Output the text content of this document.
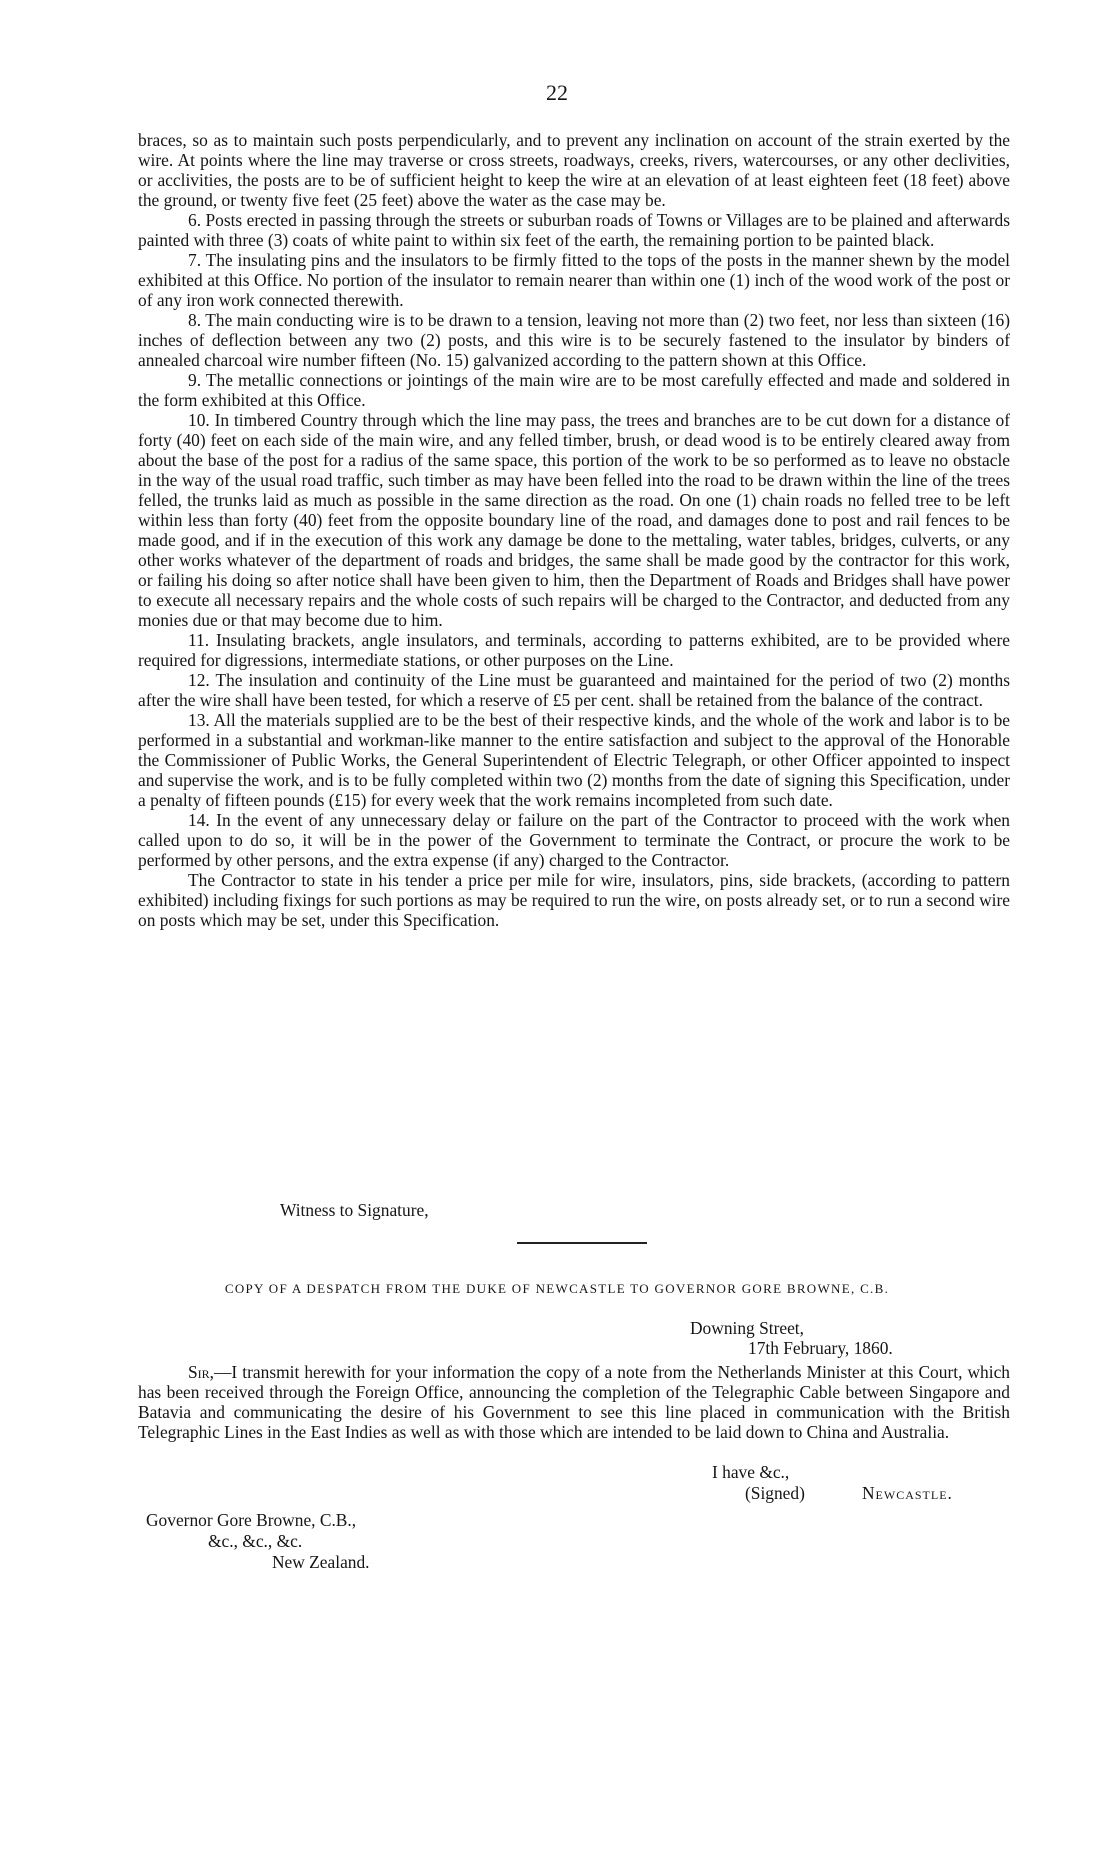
22

braces, so as to maintain such posts perpendicularly, and to prevent any inclination on account of the strain exerted by the wire. At points where the line may traverse or cross streets, roadways, creeks, rivers, watercourses, or any other declivities, or acclivities, the posts are to be of sufficient height to keep the wire at an elevation of at least eighteen feet (18 feet) above the ground, or twenty five feet (25 feet) above the water as the case may be.

6. Posts erected in passing through the streets or suburban roads of Towns or Villages are to be plained and afterwards painted with three (3) coats of white paint to within six feet of the earth, the remaining portion to be painted black.

7. The insulating pins and the insulators to be firmly fitted to the tops of the posts in the manner shewn by the model exhibited at this Office. No portion of the insulator to remain nearer than within one (1) inch of the wood work of the post or of any iron work connected therewith.

8. The main conducting wire is to be drawn to a tension, leaving not more than (2) two feet, nor less than sixteen (16) inches of deflection between any two (2) posts, and this wire is to be securely fastened to the insulator by binders of annealed charcoal wire number fifteen (No. 15) galvanized according to the pattern shown at this Office.

9. The metallic connections or jointings of the main wire are to be most carefully effected and made and soldered in the form exhibited at this Office.

10. In timbered Country through which the line may pass, the trees and branches are to be cut down for a distance of forty (40) feet on each side of the main wire, and any felled timber, brush, or dead wood is to be entirely cleared away from about the base of the post for a radius of the same space, this portion of the work to be so performed as to leave no obstacle in the way of the usual road traffic, such timber as may have been felled into the road to be drawn within the line of the trees felled, the trunks laid as much as possible in the same direction as the road. On one (1) chain roads no felled tree to be left within less than forty (40) feet from the opposite boundary line of the road, and damages done to post and rail fences to be made good, and if in the execution of this work any damage be done to the mettaling, water tables, bridges, culverts, or any other works whatever of the department of roads and bridges, the same shall be made good by the contractor for this work, or failing his doing so after notice shall have been given to him, then the Department of Roads and Bridges shall have power to execute all necessary repairs and the whole costs of such repairs will be charged to the Contractor, and deducted from any monies due or that may become due to him.

11. Insulating brackets, angle insulators, and terminals, according to patterns exhibited, are to be provided where required for digressions, intermediate stations, or other purposes on the Line.

12. The insulation and continuity of the Line must be guaranteed and maintained for the period of two (2) months after the wire shall have been tested, for which a reserve of £5 per cent. shall be retained from the balance of the contract.

13. All the materials supplied are to be the best of their respective kinds, and the whole of the work and labor is to be performed in a substantial and workman-like manner to the entire satisfaction and subject to the approval of the Honorable the Commissioner of Public Works, the General Superintendent of Electric Telegraph, or other Officer appointed to inspect and supervise the work, and is to be fully completed within two (2) months from the date of signing this Specification, under a penalty of fifteen pounds (£15) for every week that the work remains incompleted from such date.

14. In the event of any unnecessary delay or failure on the part of the Contractor to proceed with the work when called upon to do so, it will be in the power of the Government to terminate the Contract, or procure the work to be performed by other persons, and the extra expense (if any) charged to the Contractor.

The Contractor to state in his tender a price per mile for wire, insulators, pins, side brackets, (according to pattern exhibited) including fixings for such portions as may be required to run the wire, on posts already set, or to run a second wire on posts which may be set, under this Specification.

Witness to Signature,
COPY OF A DESPATCH FROM THE DUKE OF NEWCASTLE TO GOVERNOR GORE BROWNE, C.B.
Downing Street,
17th February, 1860.

Sir,—I transmit herewith for your information the copy of a note from the Netherlands Minister at this Court, which has been received through the Foreign Office, announcing the completion of the Telegraphic Cable between Singapore and Batavia and communicating the desire of his Government to see this line placed in communication with the British Telegraphic Lines in the East Indies as well as with those which are intended to be laid down to China and Australia.

I have &c.,
(Signed)	Newcastle.
Governor Gore Browne, C.B.,
&c., &c., &c.
New Zealand.
